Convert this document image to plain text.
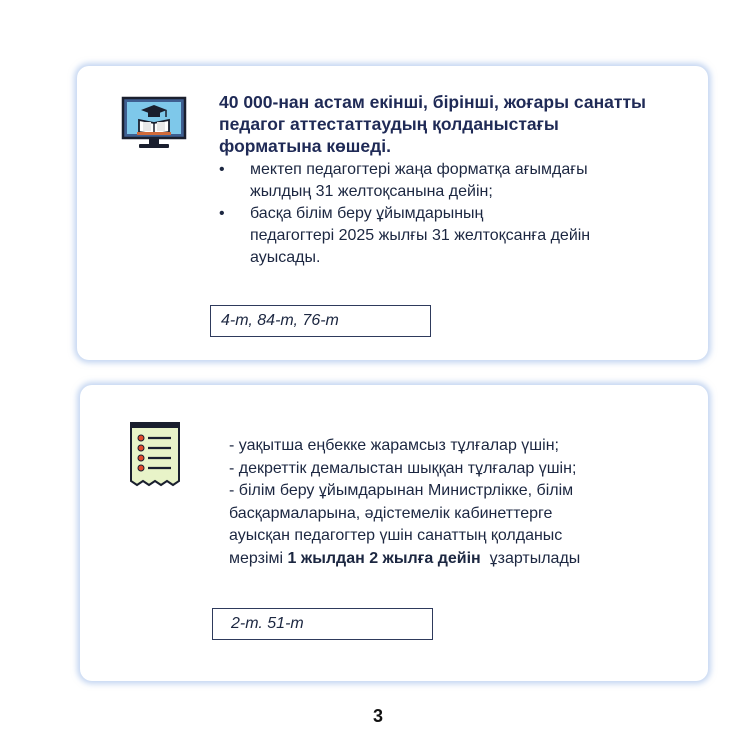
40 000-нан астам екінші, бірінші, жоғары санатты
педагог аттестаттаудың қолданыстағы
форматына көшеді.
• мектеп педагогтері жаңа форматқа ағымдағы
жылдың 31 желтоқсанына дейін;
• басқа білім беру ұйымдарының
педагогтері 2025 жылғы 31 желтоқсанға дейін
ауысады.
4-т, 84-т, 76-т
- уақытша еңбекке жарамсыз тұлғалар үшін;
- декреттік демалыстан шыққан тұлғалар үшін;
- білім беру ұйымдарынан Министрлікке, білім
басқармаларына, әдістемелік кабинеттерге
ауысқан педагогтер үшін санаттың қолданыс
мерзімі 1 жылдан 2 жылға дейін  ұзартылады
2-т. 51-т
3
